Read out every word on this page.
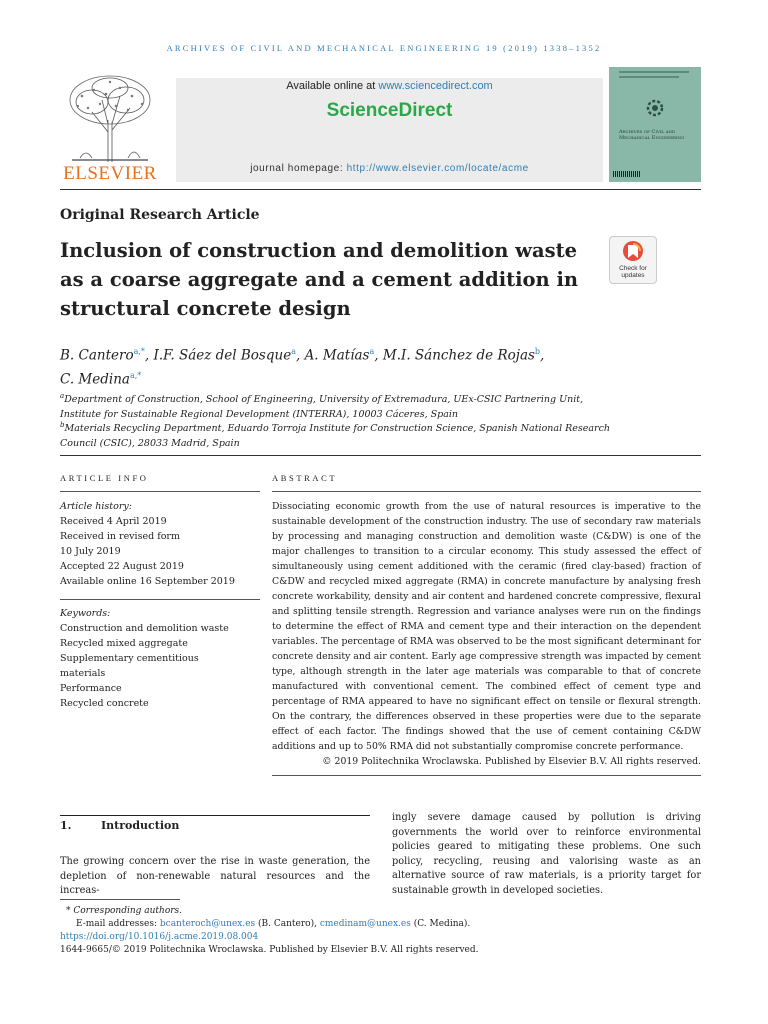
ARCHIVES OF CIVIL AND MECHANICAL ENGINEERING 19 (2019) 1338–1352
ELSEVIER
Available online at www.sciencedirect.com
ScienceDirect
journal homepage: http://www.elsevier.com/locate/acme
Archives of Civil and Mechanical Engineering
Original Research Article
Inclusion of construction and demolition waste as a coarse aggregate and a cement addition in structural concrete design
Check for updates
B. Cantero$^{a,*}$, I.F. Sáez del Bosque$^a$, A. Matías$^a$, M.I. Sánchez de Rojas$^b$,
C. Medina$^{a,*}$
$^a$Department of Construction, School of Engineering, University of Extremadura, UEx-CSIC Partnering Unit, Institute for Sustainable Regional Development (INTERRA), 10003 Cáceres, Spain
$^b$Materials Recycling Department, Eduardo Torroja Institute for Construction Science, Spanish National Research Council (CSIC), 28033 Madrid, Spain
ARTICLE INFO
Article history:
Received 4 April 2019
Received in revised form
10 July 2019
Accepted 22 August 2019
Available online 16 September 2019
Keywords:
Construction and demolition waste
Recycled mixed aggregate
Supplementary cementitious
materials
Performance
Recycled concrete
ABSTRACT
Dissociating economic growth from the use of natural resources is imperative to the sustainable development of the construction industry. The use of secondary raw materials by processing and managing construction and demolition waste (C&DW) is one of the major challenges to transition to a circular economy. This study assessed the effect of simultaneously using cement additioned with the ceramic (fired clay-based) fraction of C&DW and recycled mixed aggregate (RMA) in concrete manufacture by analysing fresh concrete workability, density and air content and hardened concrete compressive, flexural and splitting tensile strength. Regression and variance analyses were run on the findings to determine the effect of RMA and cement type and their interaction on the dependent variables. The percentage of RMA was observed to be the most significant determinant for concrete density and air content. Early age compressive strength was impacted by cement type, although strength in the later age materials was comparable to that of concrete manufactured with conventional cement. The combined effect of cement type and percentage of RMA appeared to have no significant effect on tensile or flexural strength. On the contrary, the differences observed in these properties were due to the separate effect of each factor. The findings showed that the use of cement containing C&DW additions and up to 50% RMA did not substantially compromise concrete performance.
© 2019 Politechnika Wroclawska. Published by Elsevier B.V. All rights reserved.
1.	Introduction
The growing concern over the rise in waste generation, the depletion of non-renewable natural resources and the increas-
ingly severe damage caused by pollution is driving governments the world over to reinforce environmental policies geared to mitigating these problems. One such policy, recycling, reusing and valorising waste as an alternative source of raw materials, is a priority target for sustainable growth in developed societies.
* Corresponding authors.
E-mail addresses: bcanteroch@unex.es (B. Cantero), cmedinam@unex.es (C. Medina).
https://doi.org/10.1016/j.acme.2019.08.004
1644-9665/© 2019 Politechnika Wroclawska. Published by Elsevier B.V. All rights reserved.
